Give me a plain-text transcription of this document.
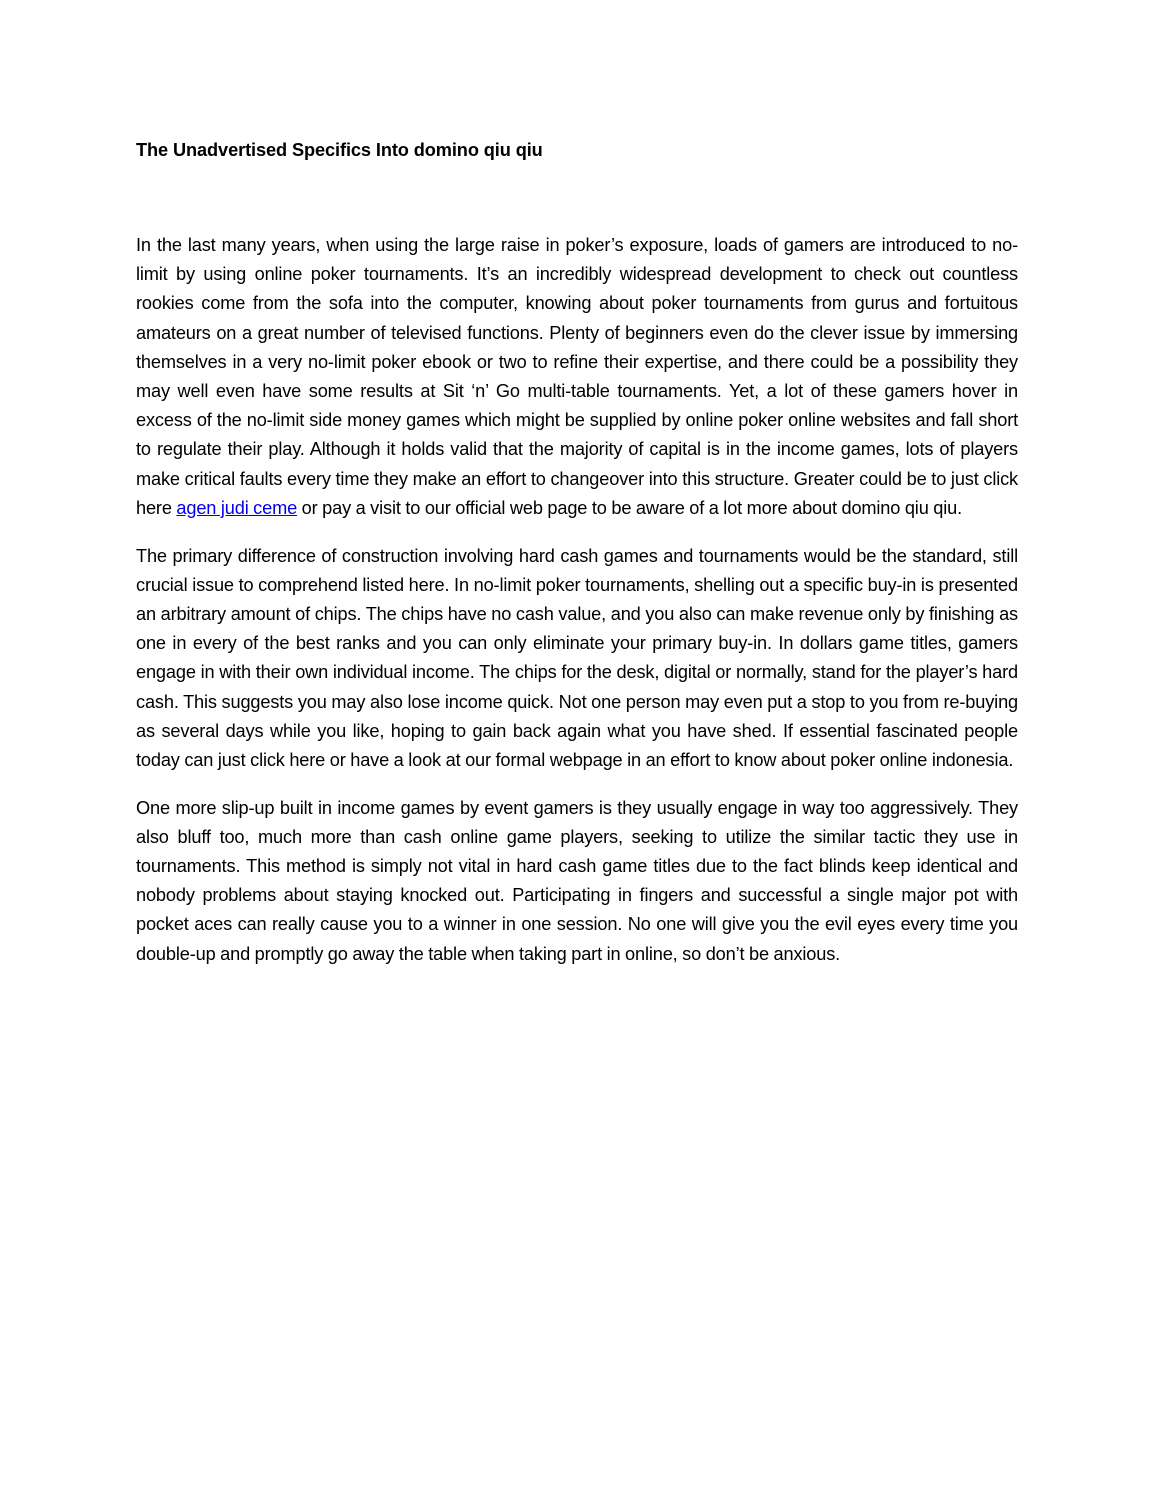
The Unadvertised Specifics Into domino qiu qiu

In the last many years, when using the large raise in poker’s exposure, loads of gamers are introduced to no-limit by using online poker tournaments. It’s an incredibly widespread development to check out countless rookies come from the sofa into the computer, knowing about poker tournaments from gurus and fortuitous amateurs on a great number of televised functions. Plenty of beginners even do the clever issue by immersing themselves in a very no-limit poker ebook or two to refine their expertise, and there could be a possibility they may well even have some results at Sit ‘n’ Go multi-table tournaments. Yet, a lot of these gamers hover in excess of the no-limit side money games which might be supplied by online poker online websites and fall short to regulate their play. Although it holds valid that the majority of capital is in the income games, lots of players make critical faults every time they make an effort to changeover into this structure. Greater could be to just click here agen judi ceme or pay a visit to our official web page to be aware of a lot more about domino qiu qiu.

The primary difference of construction involving hard cash games and tournaments would be the standard, still crucial issue to comprehend listed here. In no-limit poker tournaments, shelling out a specific buy-in is presented an arbitrary amount of chips. The chips have no cash value, and you also can make revenue only by finishing as one in every of the best ranks and you can only eliminate your primary buy-in. In dollars game titles, gamers engage in with their own individual income. The chips for the desk, digital or normally, stand for the player’s hard cash. This suggests you may also lose income quick. Not one person may even put a stop to you from re-buying as several days while you like, hoping to gain back again what you have shed. If essential fascinated people today can just click here or have a look at our formal webpage in an effort to know about poker online indonesia.

One more slip-up built in income games by event gamers is they usually engage in way too aggressively. They also bluff too, much more than cash online game players, seeking to utilize the similar tactic they use in tournaments. This method is simply not vital in hard cash game titles due to the fact blinds keep identical and nobody problems about staying knocked out. Participating in fingers and successful a single major pot with pocket aces can really cause you to a winner in one session. No one will give you the evil eyes every time you double-up and promptly go away the table when taking part in online, so don’t be anxious.
